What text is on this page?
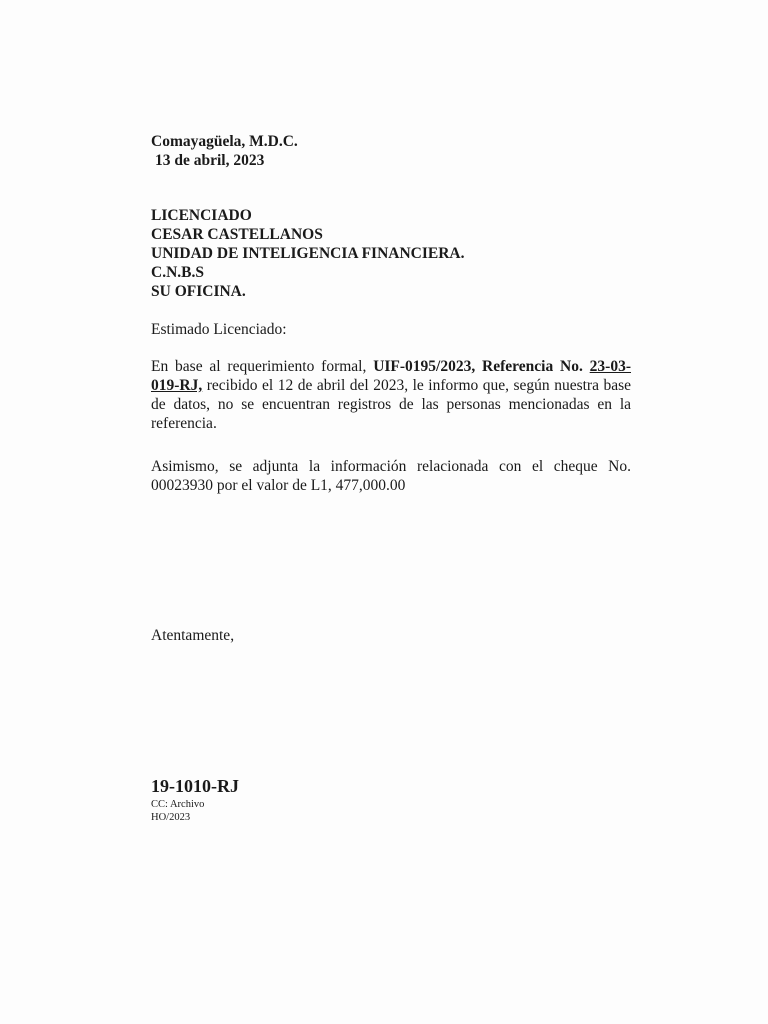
Comayagüela, M.D.C.
13 de abril, 2023
LICENCIADO
CESAR CASTELLANOS
UNIDAD DE INTELIGENCIA FINANCIERA.
C.N.B.S
SU OFICINA.
Estimado Licenciado:
En base al requerimiento formal, UIF-0195/2023, Referencia No. 23-03-019-RJ, recibido el 12 de abril del 2023, le informo que, según nuestra base de datos, no se encuentran registros de las personas mencionadas en la referencia.
Asimismo, se adjunta la información relacionada con el cheque No. 00023930 por el valor de L1, 477,000.00
Atentamente,
19-1010-RJ
CC: Archivo
HO/2023
